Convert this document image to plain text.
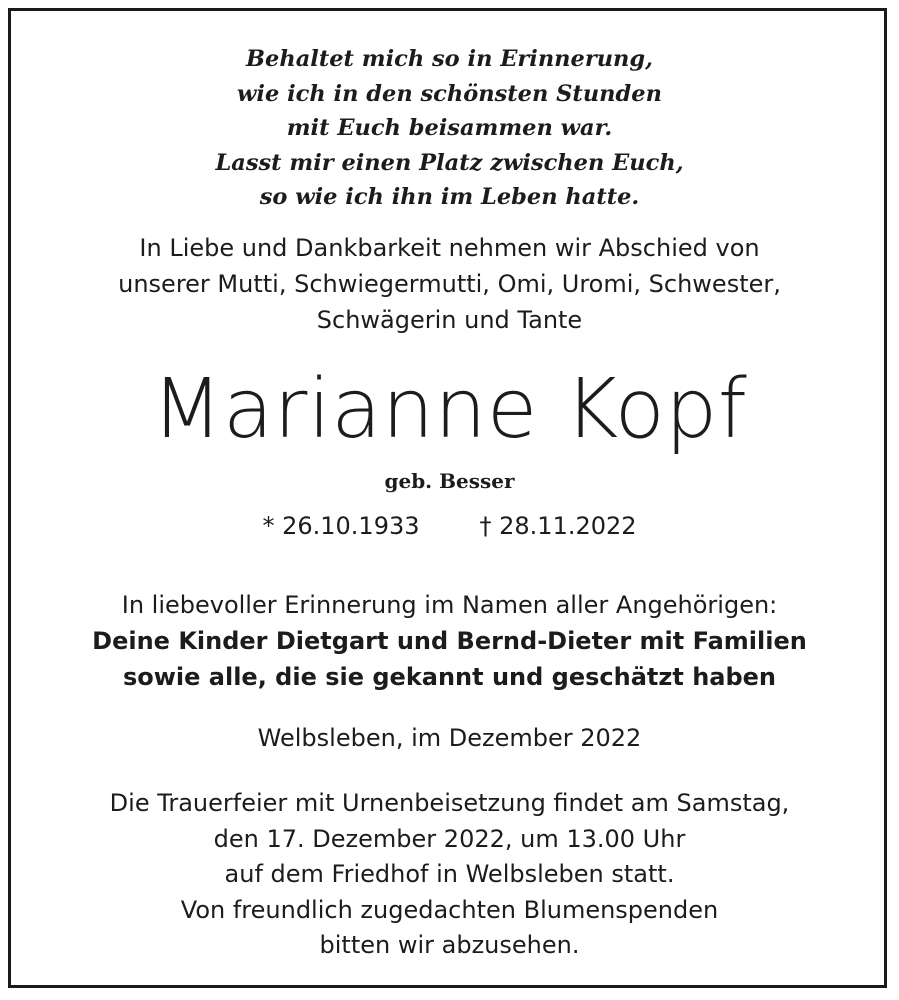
Behaltet mich so in Erinnerung,
wie ich in den schönsten Stunden
mit Euch beisammen war.
Lasst mir einen Platz zwischen Euch,
so wie ich ihn im Leben hatte.
In Liebe und Dankbarkeit nehmen wir Abschied von
unserer Mutti, Schwiegermutti, Omi, Uromi, Schwester,
Schwägerin und Tante
Marianne Kopf
geb. Besser
* 26.10.1933	† 28.11.2022
In liebevoller Erinnerung im Namen aller Angehörigen:
Deine Kinder Dietgart und Bernd-Dieter mit Familien
sowie alle, die sie gekannt und geschätzt haben
Welbsleben, im Dezember 2022
Die Trauerfeier mit Urnenbeisetzung findet am Samstag,
den 17. Dezember 2022, um 13.00 Uhr
auf dem Friedhof in Welbsleben statt.
Von freundlich zugedachten Blumenspenden
bitten wir abzusehen.
